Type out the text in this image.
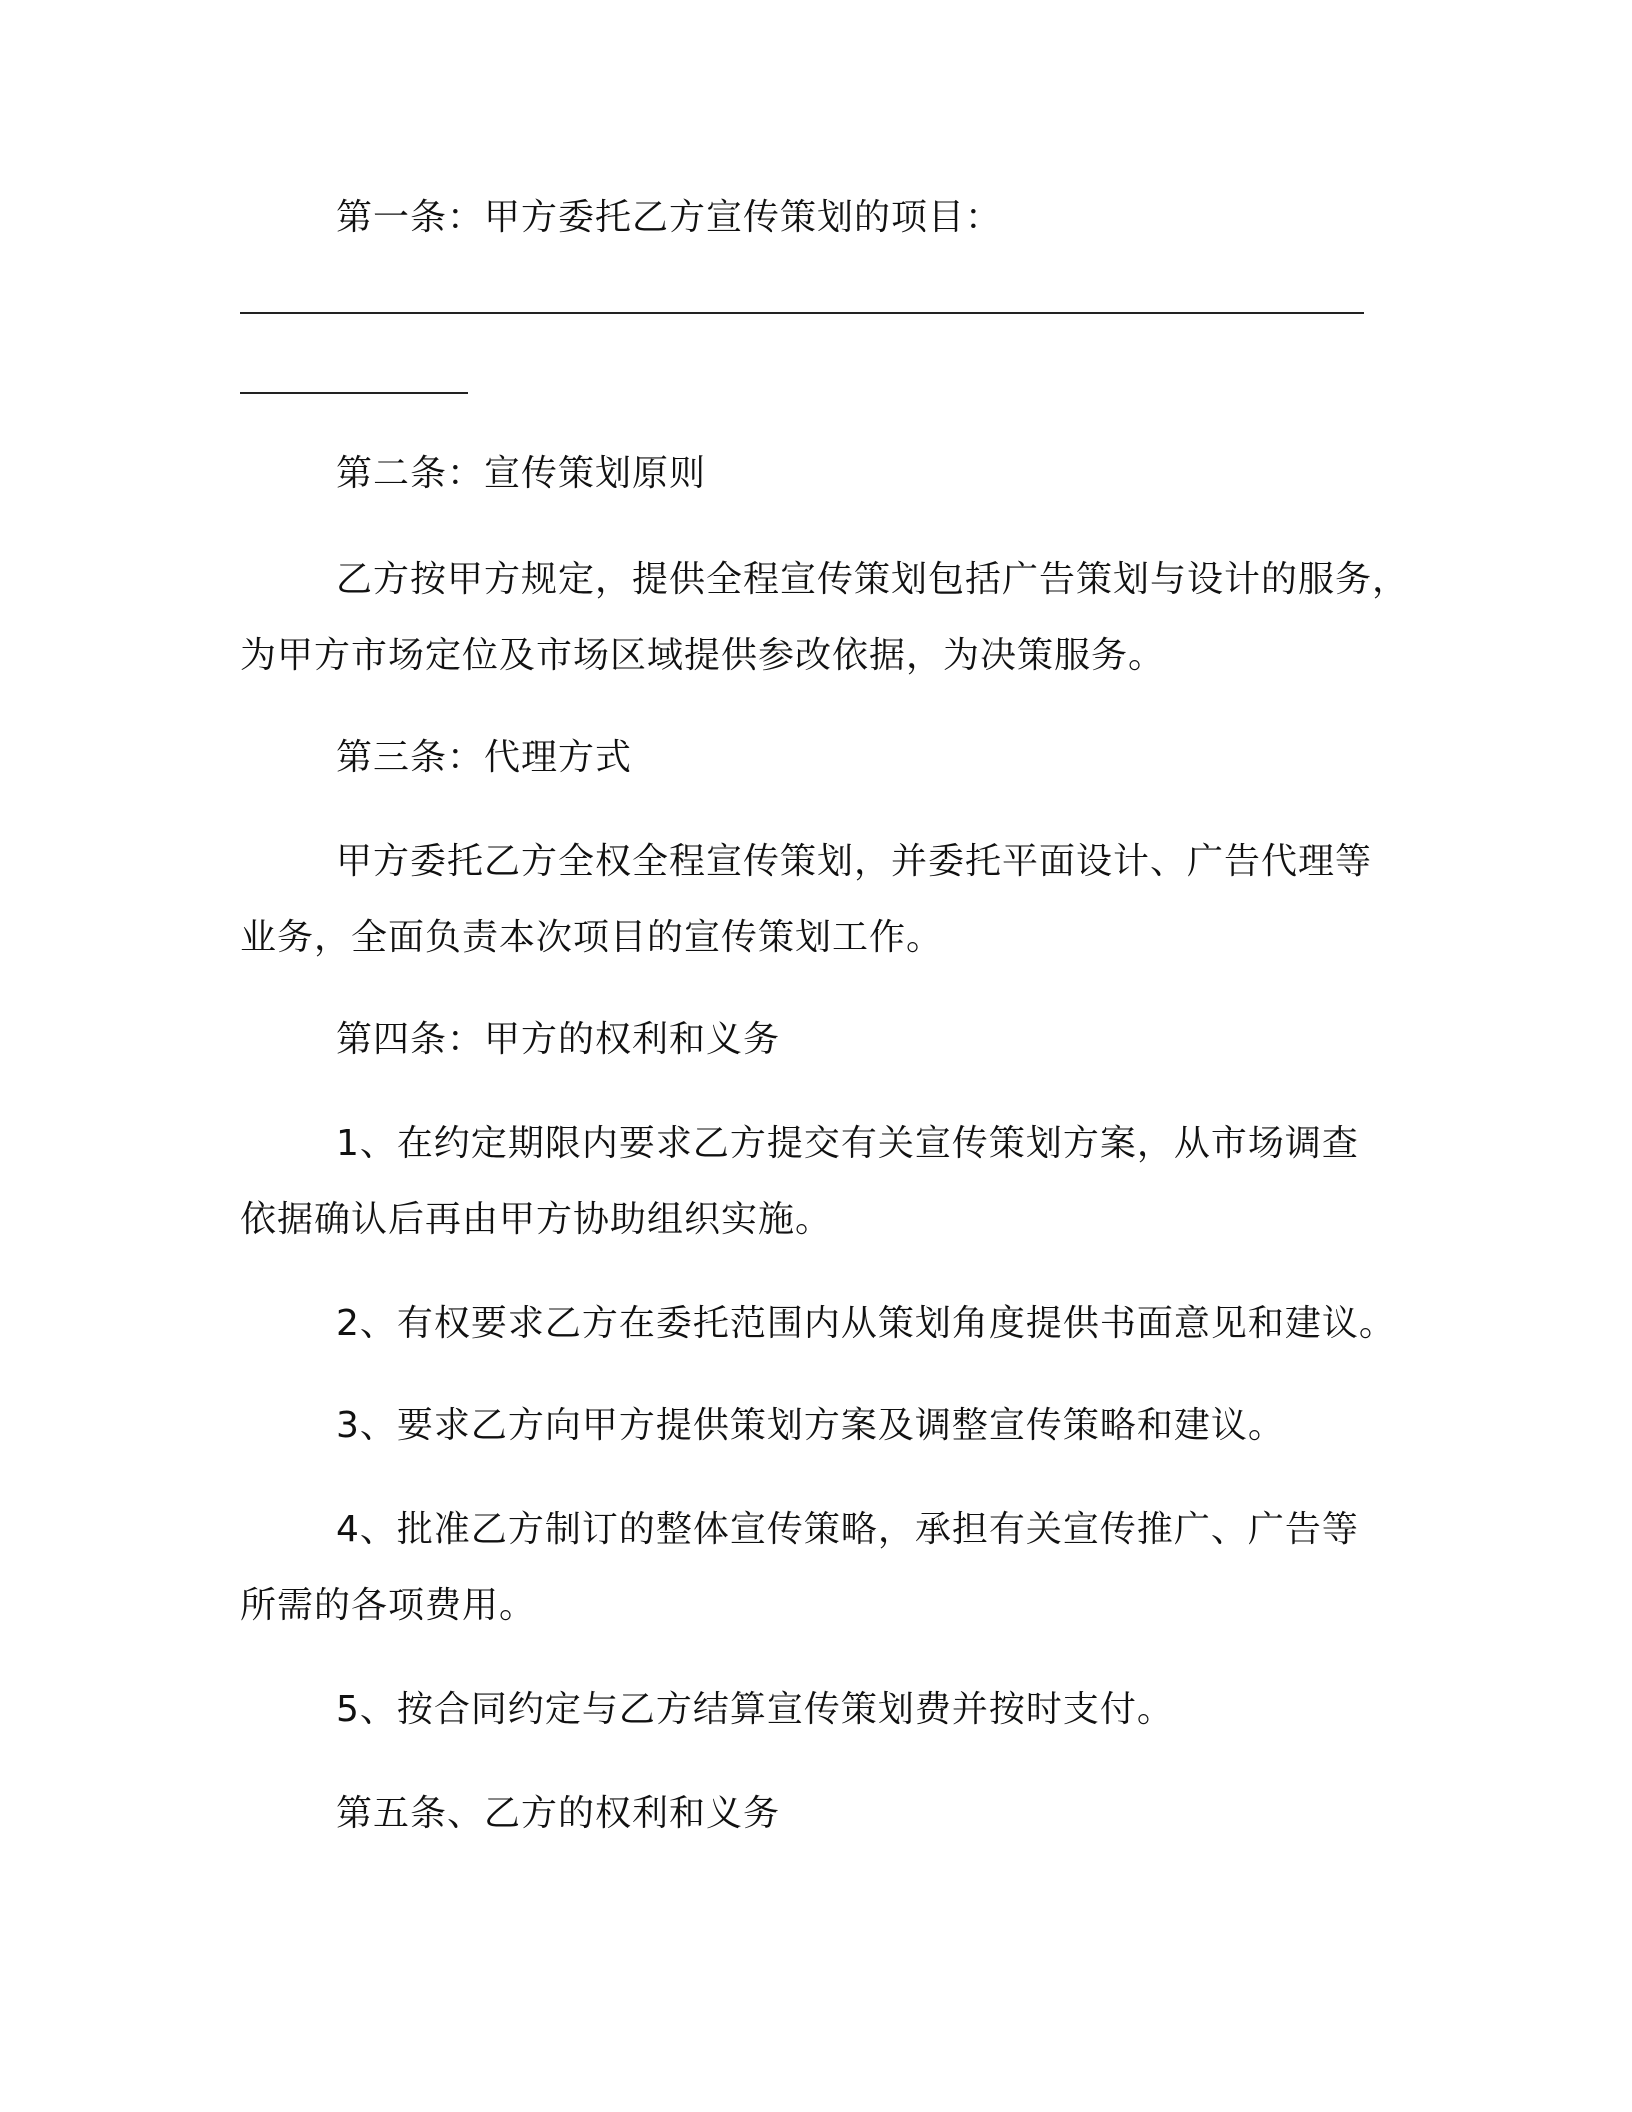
第一条：甲方委托乙方宣传策划的项目：
第二条：宣传策划原则
乙方按甲方规定，提供全程宣传策划包括广告策划与设计的服务，
为甲方市场定位及市场区域提供参改依据，为决策服务。
第三条：代理方式
甲方委托乙方全权全程宣传策划，并委托平面设计、广告代理等
业务，全面负责本次项目的宣传策划工作。
第四条：甲方的权利和义务
1、在约定期限内要求乙方提交有关宣传策划方案，从市场调查
依据确认后再由甲方协助组织实施。
2、有权要求乙方在委托范围内从策划角度提供书面意见和建议。
3、要求乙方向甲方提供策划方案及调整宣传策略和建议。
4、批准乙方制订的整体宣传策略，承担有关宣传推广、广告等
所需的各项费用。
5、按合同约定与乙方结算宣传策划费并按时支付。
第五条、乙方的权利和义务
